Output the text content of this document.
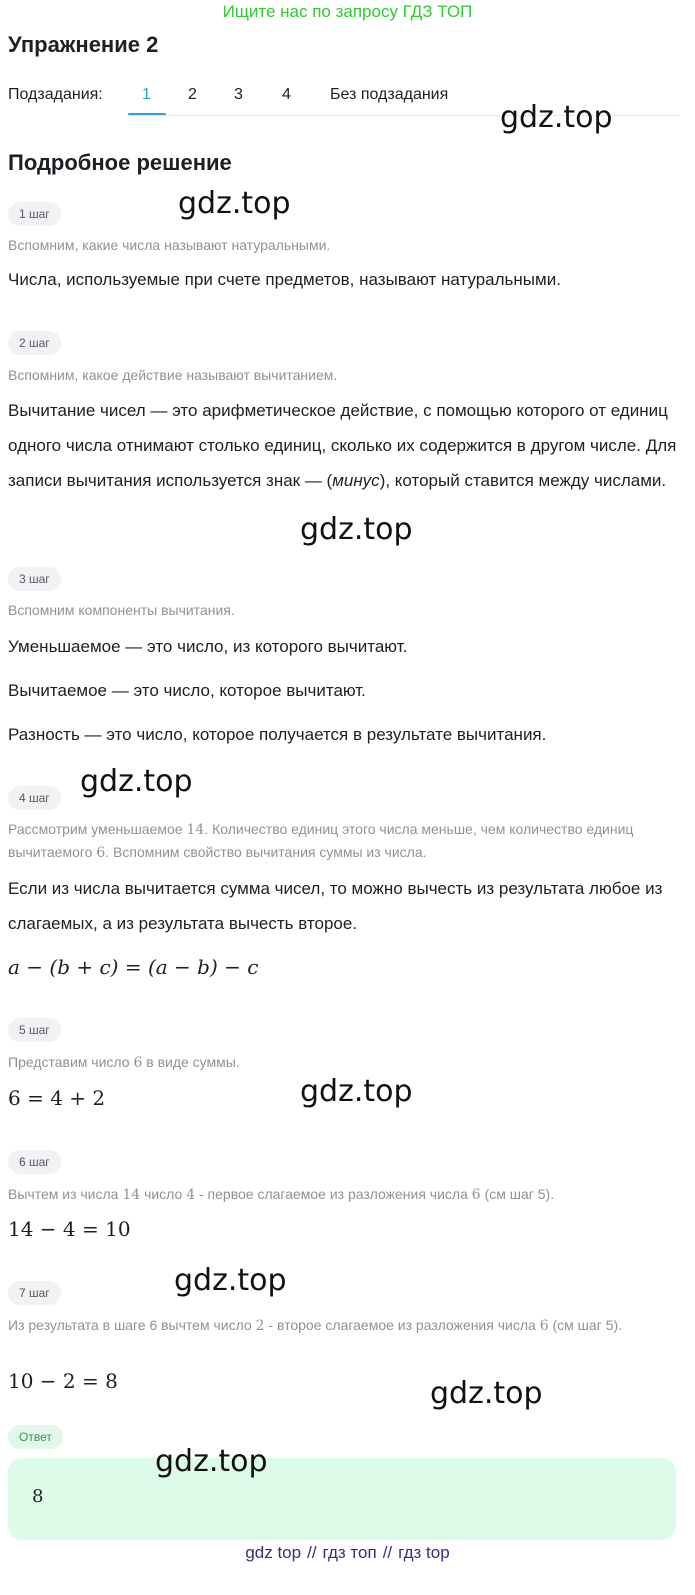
Ищите нас по запросу ГДЗ ТОП
Упражнение 2
Подзадания: 1 2 3 4 Без подзадания
gdz.top
Подробное решение
1 шаг	gdz.top
Вспомним, какие числа называют натуральными.
Числа, используемые при счете предметов, называют натуральными.
2 шаг
Вспомним, какое действие называют вычитанием.
Вычитание чисел — это арифметическое действие, с помощью которого от единиц одного числа отнимают столько единиц, сколько их содержится в другом числе. Для записи вычитания используется знак — (минус), который ставится между числами.
gdz.top
3 шаг
Вспомним компоненты вычитания.
Уменьшаемое — это число, из которого вычитают.
Вычитаемое — это число, которое вычитают.
Разность — это число, которое получается в результате вычитания.
gdz.top
4 шаг
Рассмотрим уменьшаемое 14. Количество единиц этого числа меньше, чем количество единиц вычитаемого 6. Вспомним свойство вычитания суммы из числа.
Если из числа вычитается сумма чисел, то можно вычесть из результата любое из слагаемых, а из результата вычесть второе.
a − (b + c) = (a − b) − c
5 шаг
Представим число 6 в виде суммы.
gdz.top
6 = 4 + 2
6 шаг
Вычтем из числа 14 число 4 - первое слагаемое из разложения числа 6 (см шаг 5).
14 − 4 = 10
gdz.top
7 шаг
Из результата в шаге 6 вычтем число 2 - второе слагаемое из разложения числа 6 (см шаг 5).
10 − 2 = 8	gdz.top
Ответ
8
gdz.top
gdz top // гдз топ // гдз top
